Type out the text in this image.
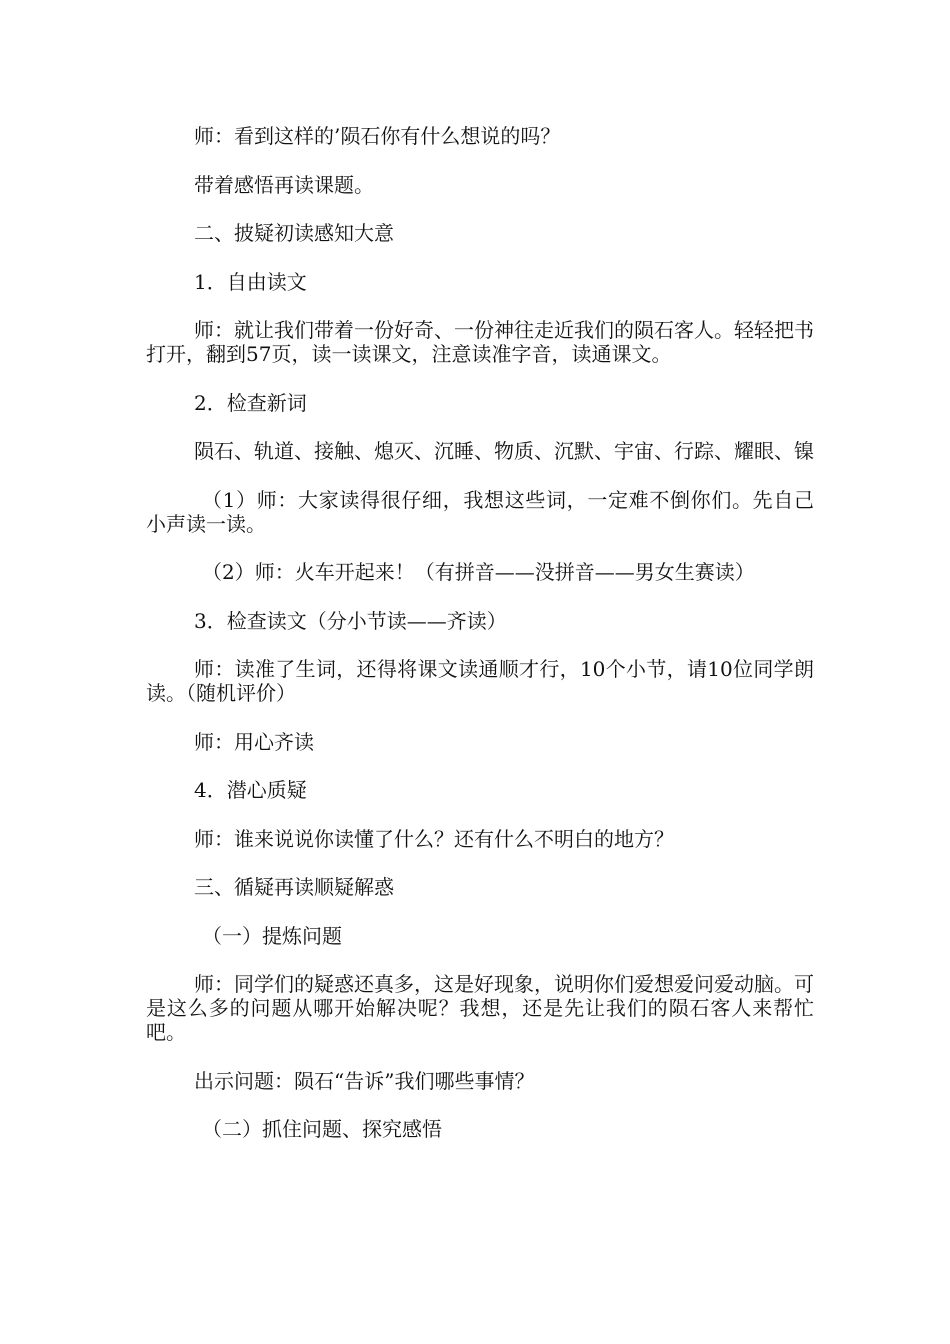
师：看到这样的’陨石你有什么想说的吗？

带着感悟再读课题。

二、披疑初读感知大意

1．自由读文

师：就让我们带着一份好奇、一份神往走近我们的陨石客人。轻轻把书打开，翻到57页，读一读课文，注意读准字音，读通课文。

2．检查新词

陨石、轨道、接触、熄灭、沉睡、物质、沉默、宇宙、行踪、耀眼、镍

（1）师：大家读得很仔细，我想这些词，一定难不倒你们。先自己小声读一读。

（2）师：火车开起来！（有拼音——没拼音——男女生赛读）

3．检查读文（分小节读——齐读）

师：读准了生词，还得将课文读通顺才行，10个小节，请10位同学朗读。（随机评价）

师：用心齐读

4．潜心质疑

师：谁来说说你读懂了什么？还有什么不明白的地方？

三、循疑再读顺疑解惑

（一）提炼问题

师：同学们的疑惑还真多，这是好现象，说明你们爱想爱问爱动脑。可是这么多的问题从哪开始解决呢？我想，还是先让我们的陨石客人来帮忙吧。

出示问题：陨石“告诉”我们哪些事情？

（二）抓住问题、探究感悟
